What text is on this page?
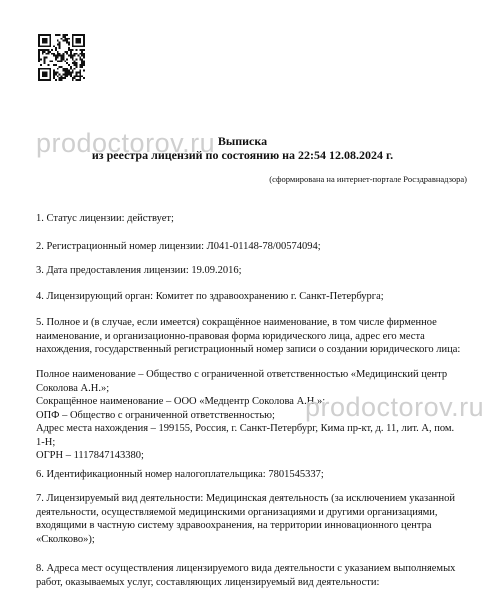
prodoctorov.ru
prodoctorov.ru
Выписка
из реестра лицензий по состоянию на 22:54 12.08.2024 г.
(сформирована на интернет-портале Росздравнадзора)

1. Статус лицензии: действует;

2. Регистрационный номер лицензии: Л041-01148-78/00574094;

3. Дата предоставления лицензии: 19.09.2016;

4. Лицензирующий орган: Комитет по здравоохранению г. Санкт-Петербурга;

5. Полное и (в случае, если имеется) сокращённое наименование, в том числе фирменное
наименование, и организационно-правовая форма юридического лица, адрес его места
нахождения, государственный регистрационный номер записи о создании юридического лица:

Полное наименование – Общество с ограниченной ответственностью «Медицинский центр
Соколова А.Н.»;
Сокращённое наименование – ООО «Медцентр Соколова А.Н.»;
ОПФ – Общество с ограниченной ответственностью;
Адрес места нахождения – 199155, Россия, г. Санкт-Петербург, Кима пр-кт, д. 11, лит. А, пом.
1-Н;
ОГРН – 1117847143380;

6. Идентификационный номер налогоплательщика: 7801545337;

7. Лицензируемый вид деятельности: Медицинская деятельность (за исключением указанной
деятельности, осуществляемой медицинскими организациями и другими организациями,
входящими в частную систему здравоохранения, на территории инновационного центра
«Сколково»);

8. Адреса мест осуществления лицензируемого вида деятельности с указанием выполняемых
работ, оказываемых услуг, составляющих лицензируемый вид деятельности:
